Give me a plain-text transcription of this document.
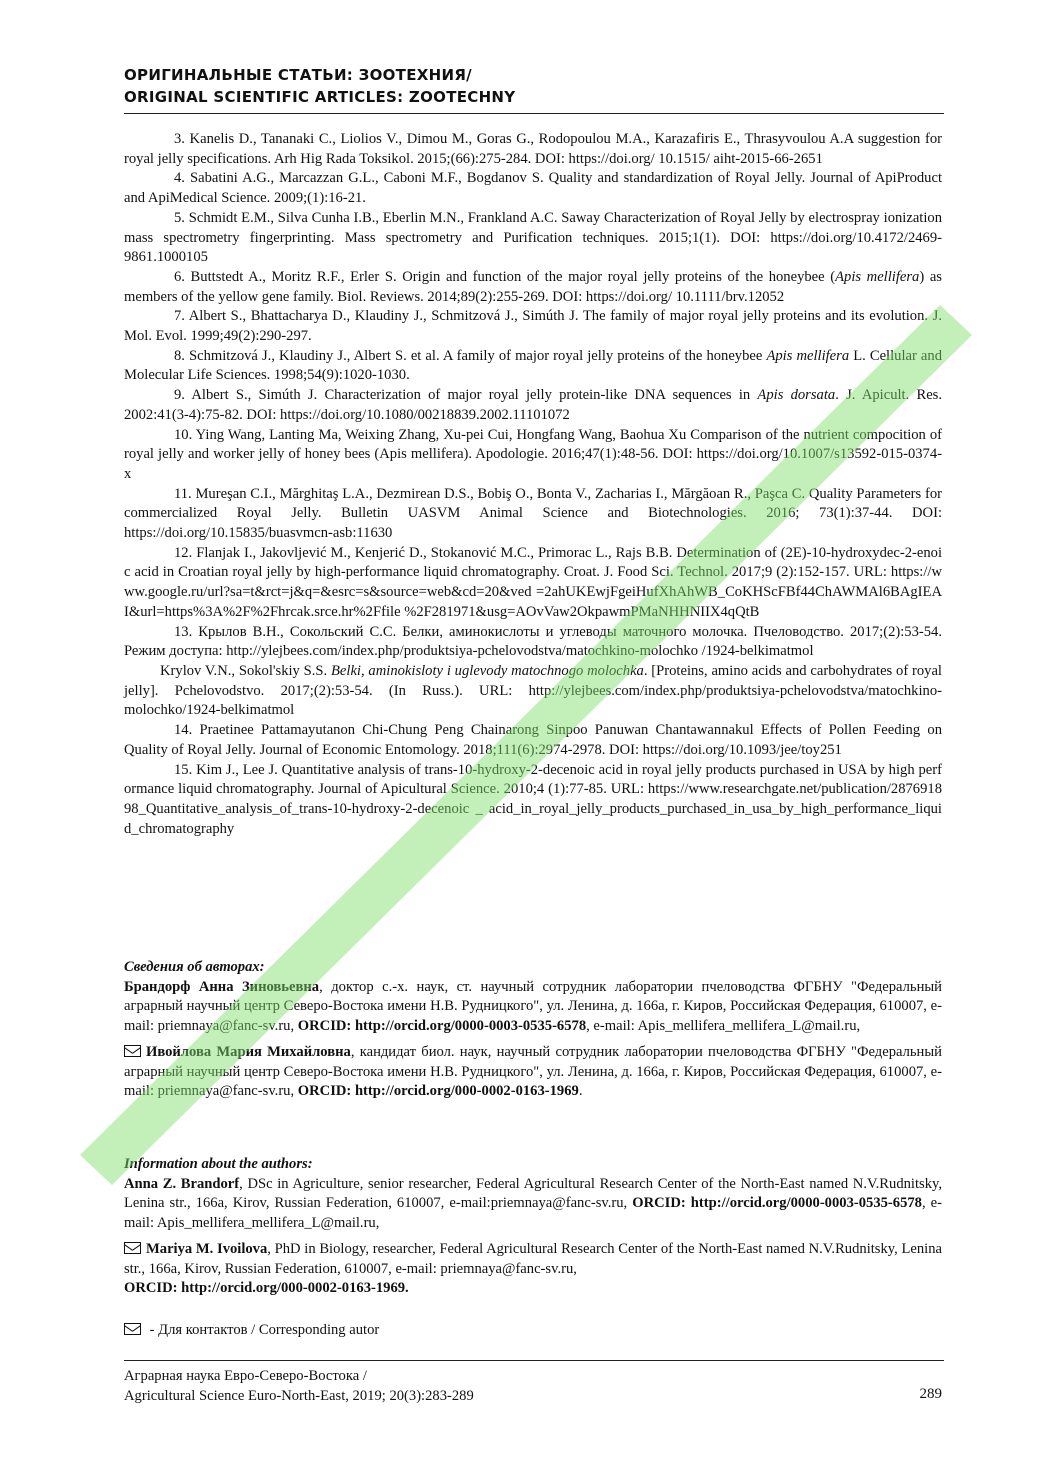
ОРИГИНАЛЬНЫЕ СТАТЬИ: ЗООТЕХНИЯ/
ORIGINAL SCIENTIFIC ARTICLES: ZOOTECHNY

3. Kanelis D., Tananaki C., Liolios V., Dimou M., Goras G., Rodopoulou M.A., Karazafiris E., Thrasyvoulou A.A suggestion for royal jelly specifications. Arh Hig Rada Toksikol. 2015;(66):275-284. DOI: https://doi.org/ 10.1515/ aiht-2015-66-2651

4. Sabatini A.G., Marcazzan G.L., Caboni M.F., Bogdanov S. Quality and standardization of Royal Jelly. Journal of ApiProduct and ApiMedical Science. 2009;(1):16-21.

5. Schmidt E.M., Silva Cunha I.B., Eberlin M.N., Frankland A.C. Saway Characterization of Royal Jelly by electrospray ionization mass spectrometry fingerprinting. Mass spectrometry and Purification techniques. 2015;1(1). DOI: https://doi.org/10.4172/2469-9861.1000105

6. Buttstedt A., Moritz R.F., Erler S. Origin and function of the major royal jelly proteins of the honeybee (Apis mellifera) as members of the yellow gene family. Biol. Reviews. 2014;89(2):255-269. DOI: https://doi.org/ 10.1111/brv.12052

7. Albert S., Bhattacharya D., Klaudiny J., Schmitzová J., Simúth J. The family of major royal jelly proteins and its evolution. J. Mol. Evol. 1999;49(2):290-297.

8. Schmitzová J., Klaudiny J., Albert S. et al. A family of major royal jelly proteins of the honeybee Apis mellifera L. Cellular and Molecular Life Sciences. 1998;54(9):1020-1030.

9. Albert S., Simúth J. Characterization of major royal jelly protein-like DNA sequences in Apis dorsata. J. Apicult. Res. 2002:41(3-4):75-82. DOI: https://doi.org/10.1080/00218839.2002.11101072

10. Ying Wang, Lanting Ma, Weixing Zhang, Xu-pei Cui, Hongfang Wang, Baohua Xu Comparison of the nutrient compocition of royal jelly and worker jelly of honey bees (Apis mellifera). Apodologie. 2016;47(1):48-56. DOI: https://doi.org/10.1007/s13592-015-0374-x

11. Mureşan C.I., Mărghitaş L.A., Dezmirean D.S., Bobiş O., Bonta V., Zacharias I., Mărgăoan R., Paşca C. Quality Parameters for commercialized Royal Jelly. Bulletin UASVM Animal Science and Biotechnologies. 2016; 73(1):37-44. DOI: https://doi.org/10.15835/buasvmcn-asb:11630

12. Flanjak I., Jakovljević M., Kenjerić D., Stokanović M.C., Primorac L., Rajs B.B. Determination of (2E)-10-hydroxydec-2-enoic acid in Croatian royal jelly by high-performance liquid chromatography. Croat. J. Food Sci. Technol. 2017;9 (2):152-157. URL: https://www.google.ru/url?sa=t&rct=j&q=&esrc=s&source=web&cd=20&ved =2ahUKEwjFgeiHufXhAhWB_CoKHScFBf44ChAWMAl6BAgIEAI&url=https%3A%2F%2Fhrcak.srce.hr%2Ffile %2F281971&usg=AOvVaw2OkpawmPMaNHHNIIX4qQtB

13. Крылов В.Н., Сокольский С.С. Белки, аминокислоты и углеводы маточного молочка. Пчеловодство. 2017;(2):53-54. Режим доступа: http://ylejbees.com/index.php/produktsiya-pchelovodstva/matochkino-molochko /1924-belkimatmol

Krylov V.N., Sokol'skiy S.S. Belki, aminokisloty i uglevody matochnogo molochka. [Proteins, amino acids and carbohydrates of royal jelly]. Pchelovodstvo. 2017;(2):53-54. (In Russ.). URL: http://ylejbees.com/index.php/produktsiya-pchelovodstva/matochkino-molochko/1924-belkimatmol

14. Praetinee Pattamayutanon Chi-Chung Peng Chainarong Sinpoo Panuwan Chantawannakul Effects of Pollen Feeding on Quality of Royal Jelly. Journal of Economic Entomology. 2018;111(6):2974-2978. DOI: https://doi.org/10.1093/jee/toy251

15. Kim J., Lee J. Quantitative analysis of trans-10-hydroxy-2-decenoic acid in royal jelly products purchased in USA by high performance liquid chromatography. Journal of Apicultural Science. 2010;4 (1):77-85. URL: https://www.researchgate.net/publication/287691898_Quantitative_analysis_of_trans-10-hydroxy-2-decenoic _ acid_in_royal_jelly_products_purchased_in_usa_by_high_performance_liquid_chromatography

Сведения об авторах:

Брандорф Анна Зиновьевна, доктор с.-х. наук, ст. научный сотрудник лаборатории пчеловодства ФГБНУ "Федеральный аграрный научный центр Северо-Востока имени Н.В. Рудницкого", ул. Ленина, д. 166а, г. Киров, Российская Федерация, 610007, e-mail: priemnaya@fanc-sv.ru, ORCID: http://orcid.org/0000-0003-0535-6578, e-mail: Apis_mellifera_mellifera_L@mail.ru,

Ивойлова Мария Михайловна, кандидат биол. наук, научный сотрудник лаборатории пчеловодства ФГБНУ "Федеральный аграрный научный центр Северо-Востока имени Н.В. Рудницкого", ул. Ленина, д. 166а, г. Киров, Российская Федерация, 610007, e-mail: priemnaya@fanc-sv.ru, ORCID: http://orcid.org/000-0002-0163-1969.

Information about the authors:

Anna Z. Brandorf, DSc in Agriculture, senior researcher, Federal Agricultural Research Center of the North-East named N.V.Rudnitsky, Lenina str., 166a, Kirov, Russian Federation, 610007, e-mail:priemnaya@fanc-sv.ru, ORCID: http://orcid.org/0000-0003-0535-6578, e-mail: Apis_mellifera_mellifera_L@mail.ru,

Mariya M. Ivoilova, PhD in Biology, researcher, Federal Agricultural Research Center of the North-East named N.V.Rudnitsky, Lenina str., 166a, Kirov, Russian Federation, 610007, e-mail: priemnaya@fanc-sv.ru,
ORCID: http://orcid.org/000-0002-0163-1969.

- Для контактов / Corresponding autor
Аграрная наука Евро-Северо-Востока /
Agricultural Science Euro-North-East, 2019; 20(3):283-289	289
